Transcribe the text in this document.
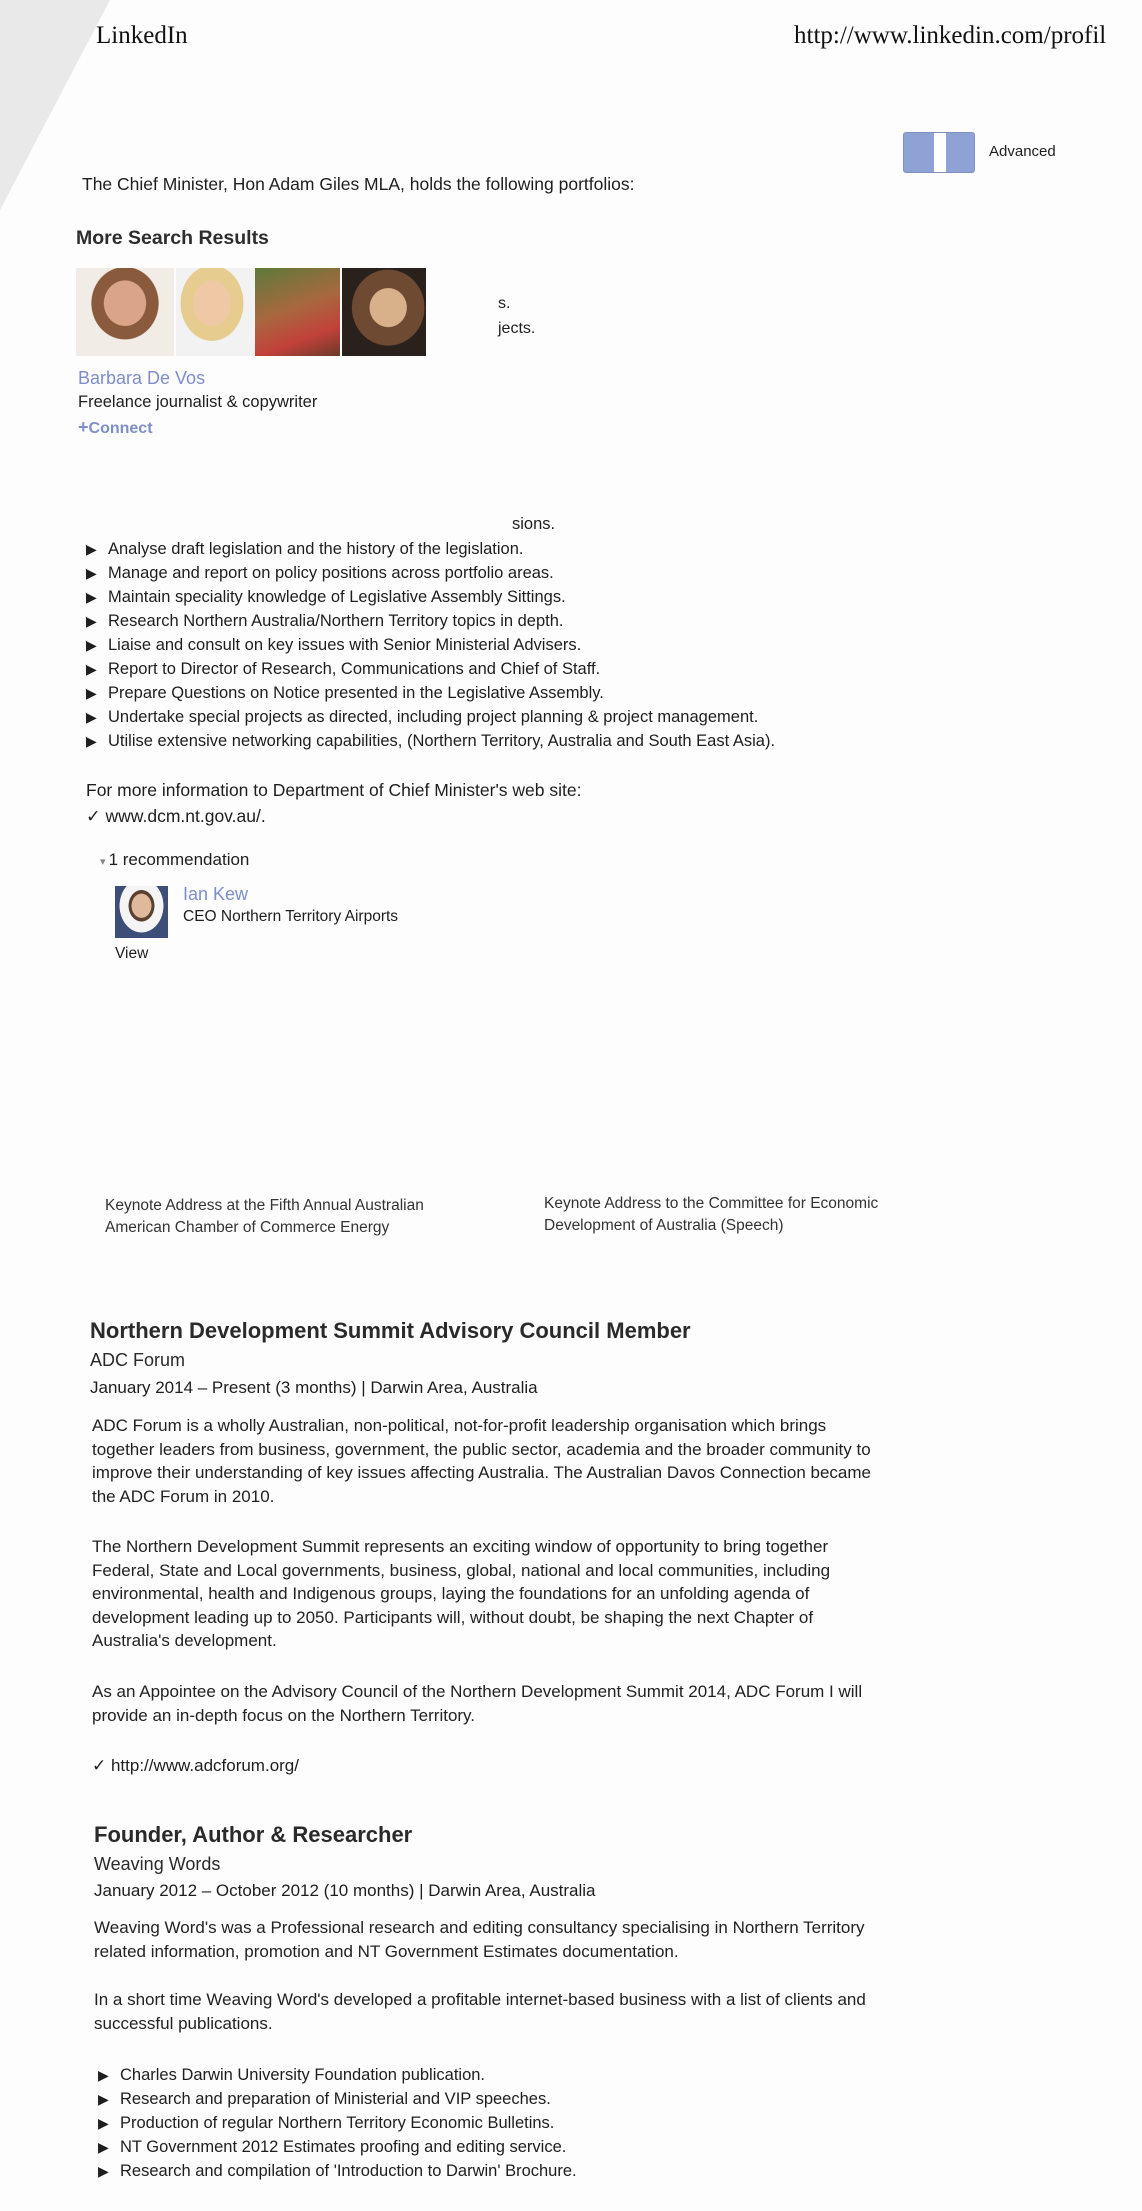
LinkedIn	http://www.linkedin.com/profil
Advanced
The Chief Minister, Hon Adam Giles MLA, holds the following portfolios:
More Search Results
s.
jects.
Barbara De Vos
Freelance journalist & copywriter
+Connect
sions.
▶ Analyse draft legislation and the history of the legislation.
▶ Manage and report on policy positions across portfolio areas.
▶ Maintain speciality knowledge of Legislative Assembly Sittings.
▶ Research Northern Australia/Northern Territory topics in depth.
▶ Liaise and consult on key issues with Senior Ministerial Advisers.
▶ Report to Director of Research, Communications and Chief of Staff.
▶ Prepare Questions on Notice presented in the Legislative Assembly.
▶ Undertake special projects as directed, including project planning & project management.
▶ Utilise extensive networking capabilities, (Northern Territory, Australia and South East Asia).
For more information to Department of Chief Minister's web site:
✓ www.dcm.nt.gov.au/.
▾ 1 recommendation
Ian Kew
CEO Northern Territory Airports
View
Keynote Address at the Fifth Annual Australian
American Chamber of Commerce Energy
Keynote Address to the Committee for Economic
Development of Australia (Speech)
Northern Development Summit Advisory Council Member
ADC Forum
January 2014 – Present (3 months) | Darwin Area, Australia
ADC Forum is a wholly Australian, non-political, not-for-profit leadership organisation which brings
together leaders from business, government, the public sector, academia and the broader community to
improve their understanding of key issues affecting Australia. The Australian Davos Connection became
the ADC Forum in 2010.
The Northern Development Summit represents an exciting window of opportunity to bring together
Federal, State and Local governments, business, global, national and local communities, including
environmental, health and Indigenous groups, laying the foundations for an unfolding agenda of
development leading up to 2050. Participants will, without doubt, be shaping the next Chapter of
Australia's development.
As an Appointee on the Advisory Council of the Northern Development Summit 2014, ADC Forum I will
provide an in-depth focus on the Northern Territory.
✓ http://www.adcforum.org/
Founder, Author & Researcher
Weaving Words
January 2012 – October 2012 (10 months) | Darwin Area, Australia
Weaving Word's was a Professional research and editing consultancy specialising in Northern Territory
related information, promotion and NT Government Estimates documentation.
In a short time Weaving Word's developed a profitable internet-based business with a list of clients and
successful publications.
▶ Charles Darwin University Foundation publication.
▶ Research and preparation of Ministerial and VIP speeches.
▶ Production of regular Northern Territory Economic Bulletins.
▶ NT Government 2012 Estimates proofing and editing service.
▶ Research and compilation of 'Introduction to Darwin' Brochure.
